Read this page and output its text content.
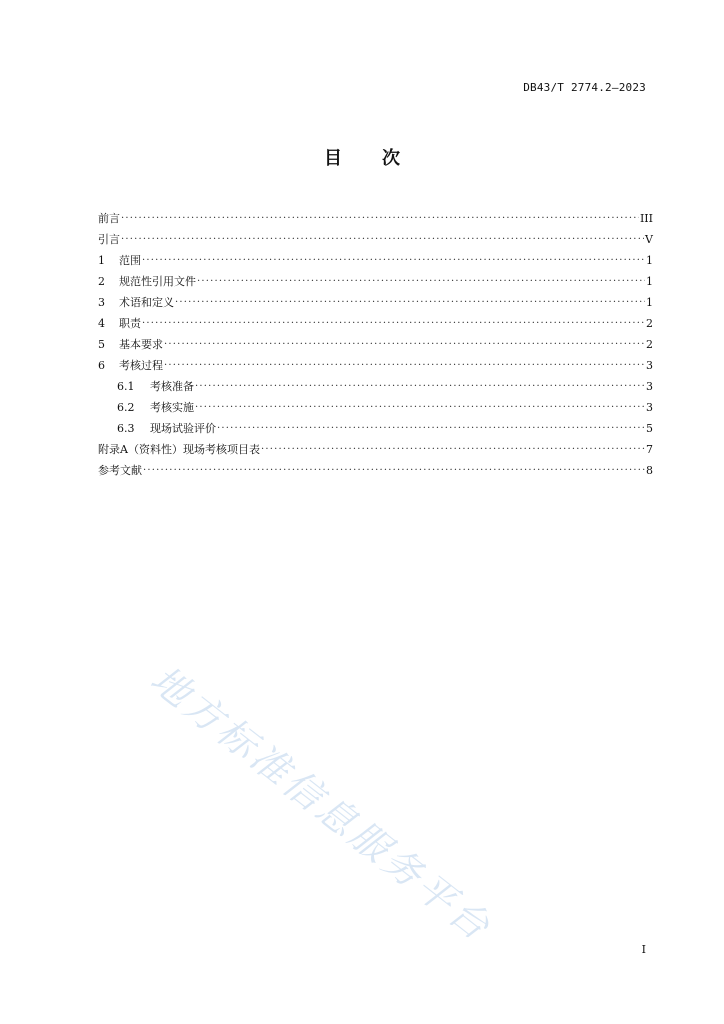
DB43/T 2774.2—2023
目 次
前言 ·····	III
引言 ·····	V
1	范围 ·····	1
2	规范性引用文件 ·····	1
3	术语和定义 ·····	1
4	职责 ·····	2
5	基本要求 ·····	2
6	考核过程 ·····	3
6.1	考核准备 ·····	3
6.2	考核实施 ·····	3
6.3	现场试验评价 ·····	5
附录A（资料性）现场考核项目表 ·····	7
参考文献 ·····	8
地方标准信息服务平台	I
